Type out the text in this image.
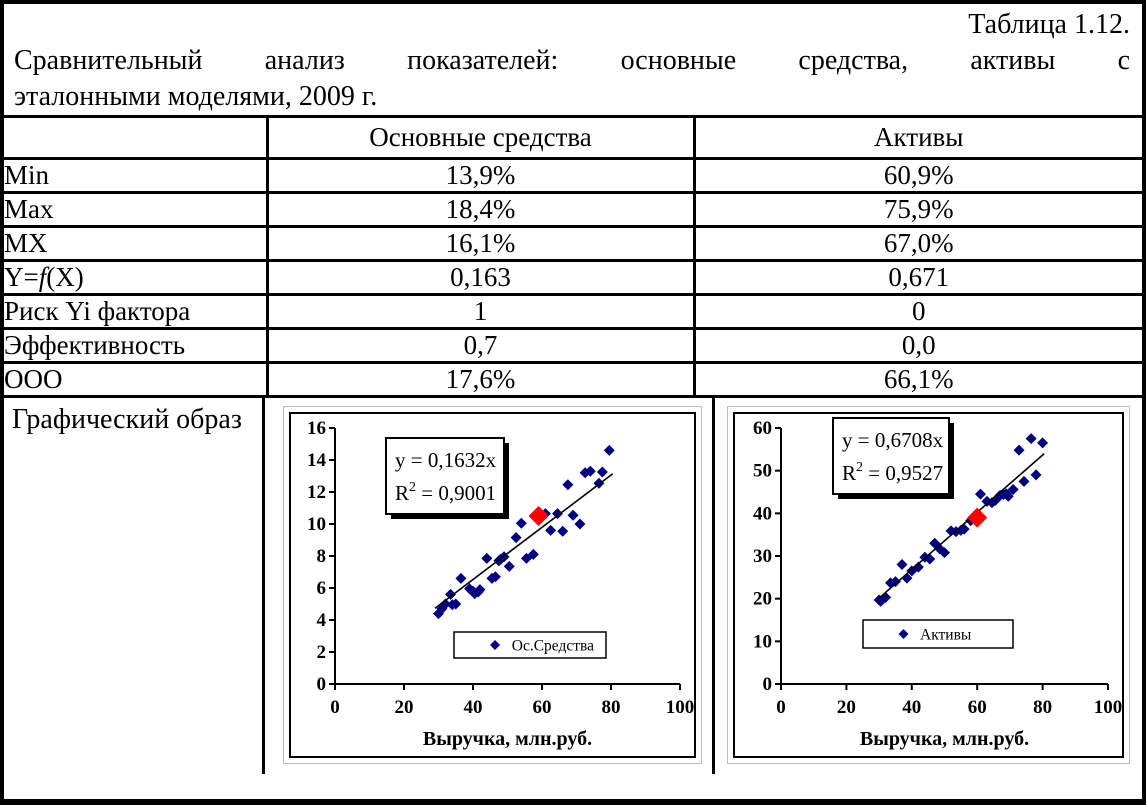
Таблица 1.12.
Сравнительный анализ показателей: основные средства, активы с
эталонными моделями, 2009 г.
	Основные средства	Активы
Min	13,9%	60,9%
Max	18,4%	75,9%
MX	16,1%	67,0%
Y=f(X)	0,163	0,671
Риск Yi фактора	1	0
Эффективность	0,7	0,0
ООО	17,6%	66,1%
Графический образ
0
2
4
6
8
10
12
14
16
0	20	40	60	80 100
y = 0,1632x
$R^2 = 0,9001$
Ос.Средства
Выручка, млн.руб.
0
10
20
30
40
50
60
0	20 40 60 80 100
y = 0,6708x
$R^2 = 0,9527$
Активы
Выручка, млн.руб.
